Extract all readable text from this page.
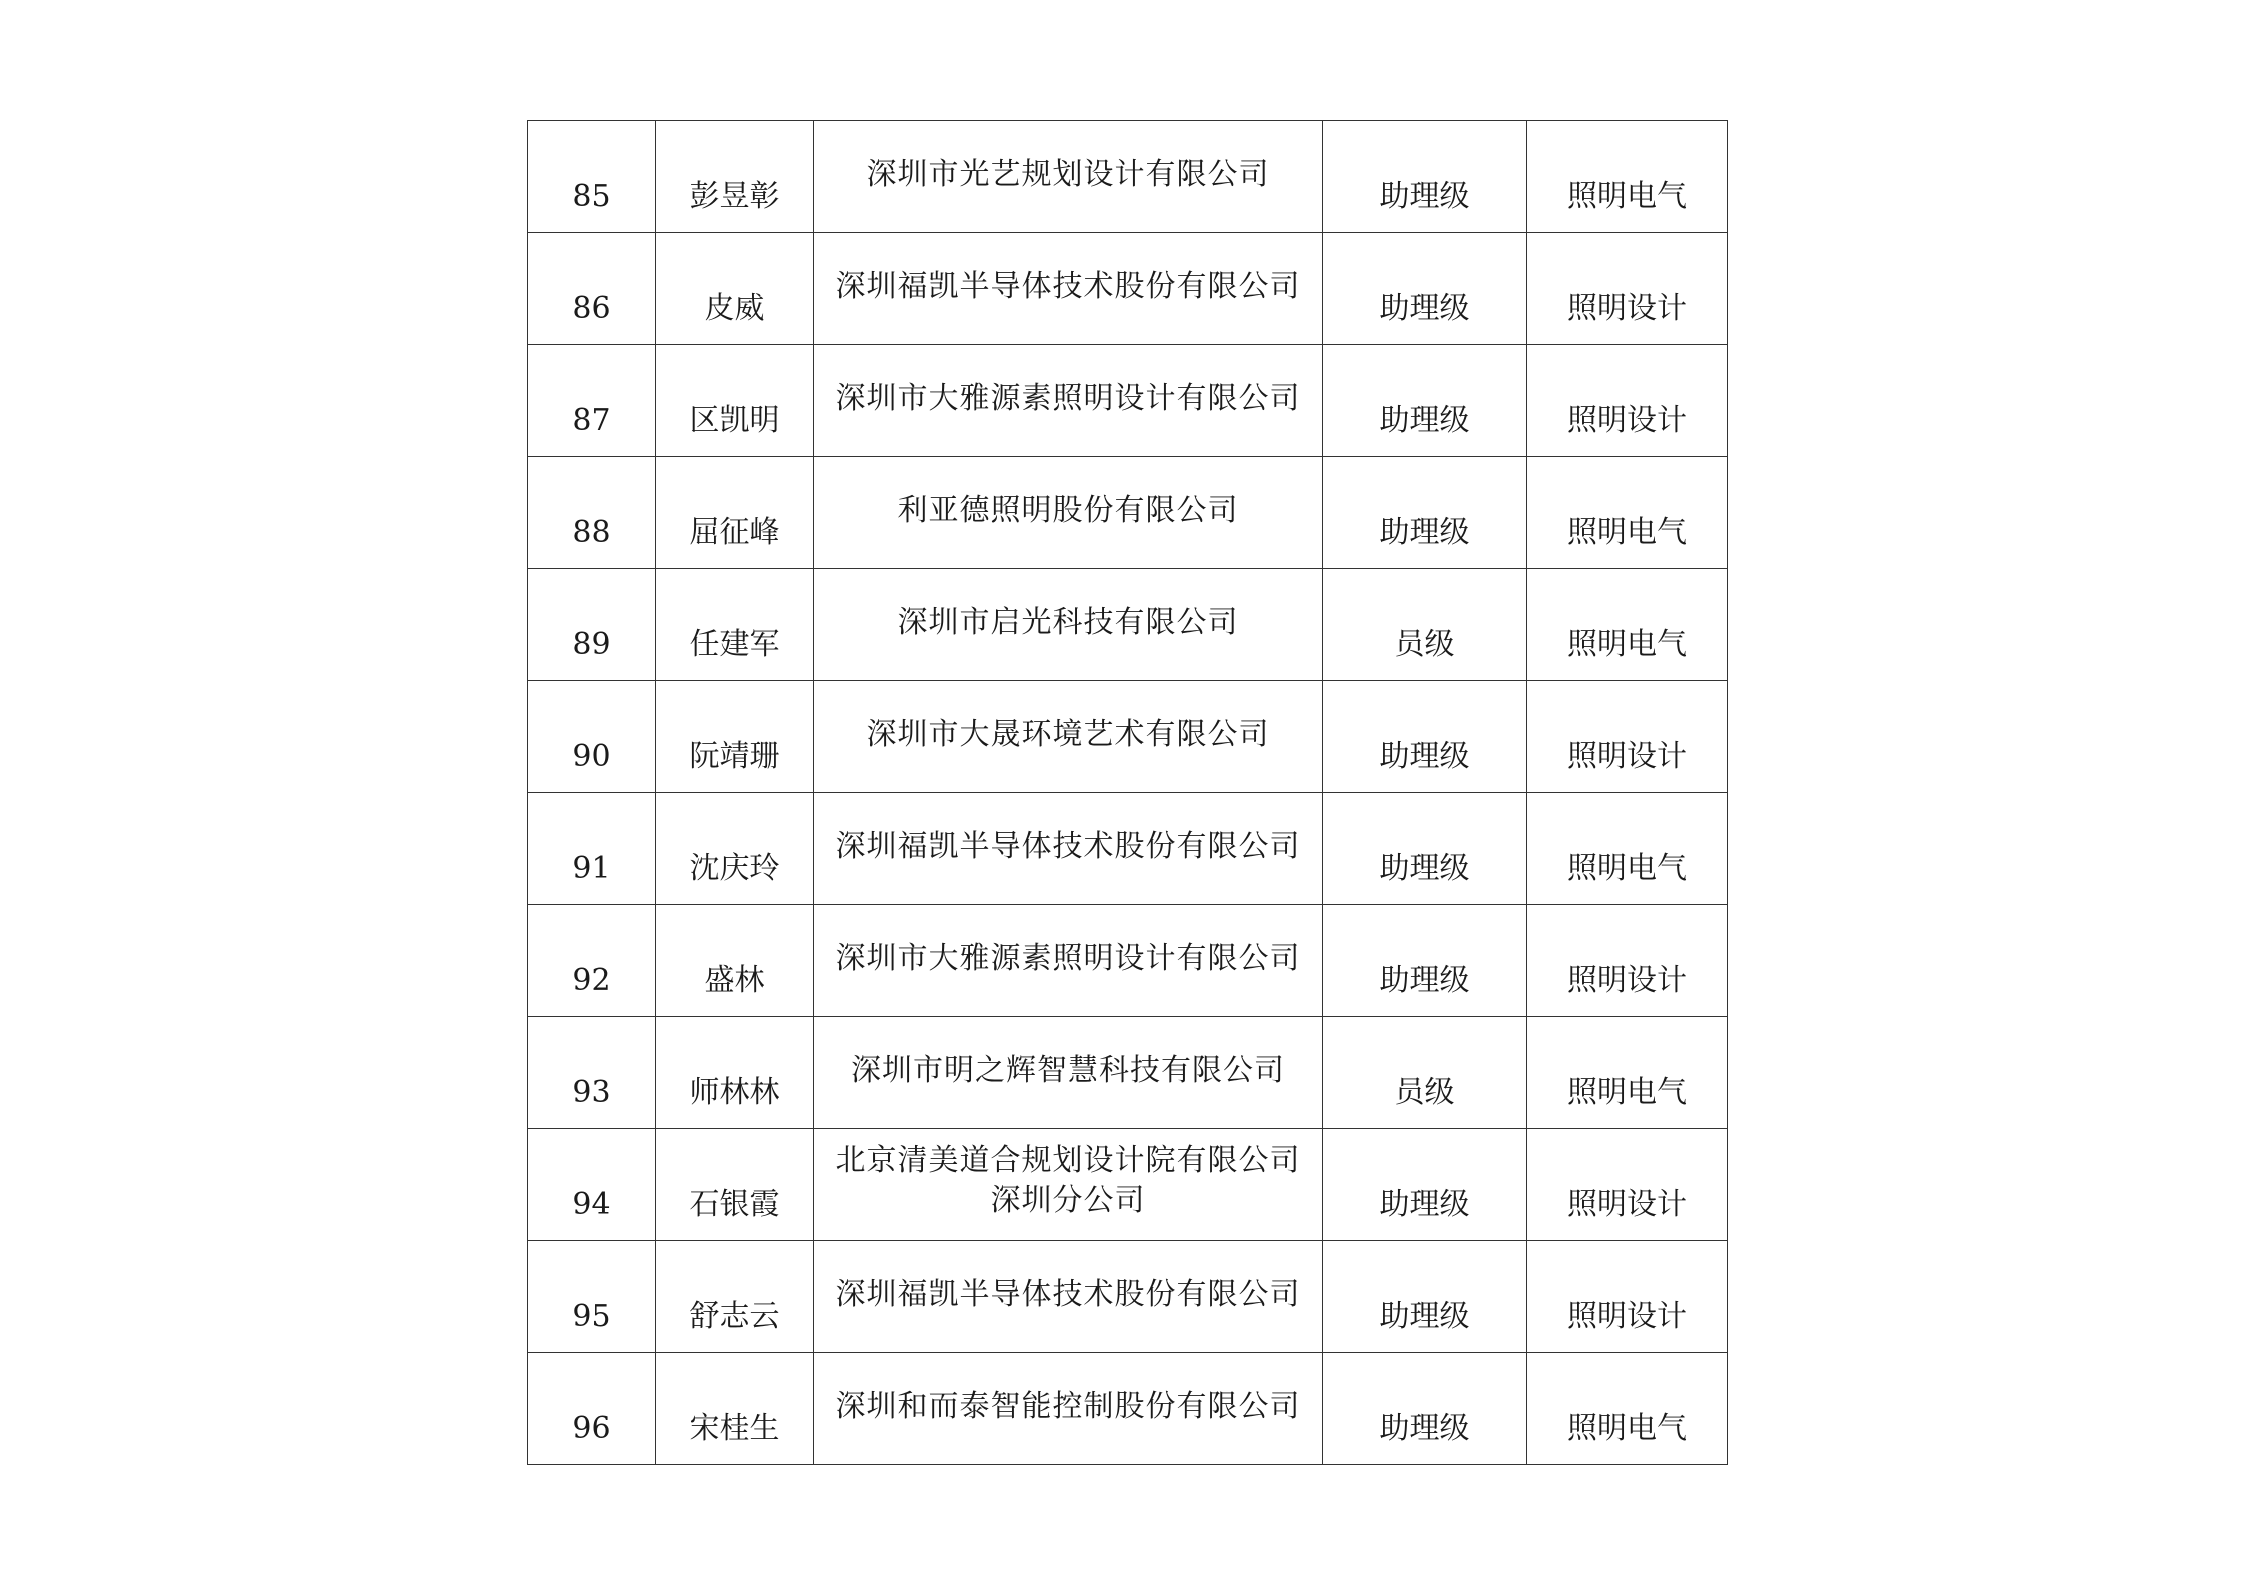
85	彭昱彰	深圳市光艺规划设计有限公司	助理级	照明电气

86	皮威	深圳福凯半导体技术股份有限公司	助理级	照明设计

87	区凯明	深圳市大雅源素照明设计有限公司	助理级	照明设计

88	屈征峰	利亚德照明股份有限公司	助理级	照明电气

89	任建军	深圳市启光科技有限公司	员级	照明电气

90	阮靖珊	深圳市大晟环境艺术有限公司	助理级	照明设计

91	沈庆玲	深圳福凯半导体技术股份有限公司	助理级	照明电气

92	盛林	深圳市大雅源素照明设计有限公司	助理级	照明设计

93	师林林	深圳市明之辉智慧科技有限公司	员级	照明电气

94	石银霞	北京清美道合规划设计院有限公司
深圳分公司	助理级	照明设计

95	舒志云	深圳福凯半导体技术股份有限公司	助理级	照明设计

96	宋桂生	深圳和而泰智能控制股份有限公司	助理级	照明电气
